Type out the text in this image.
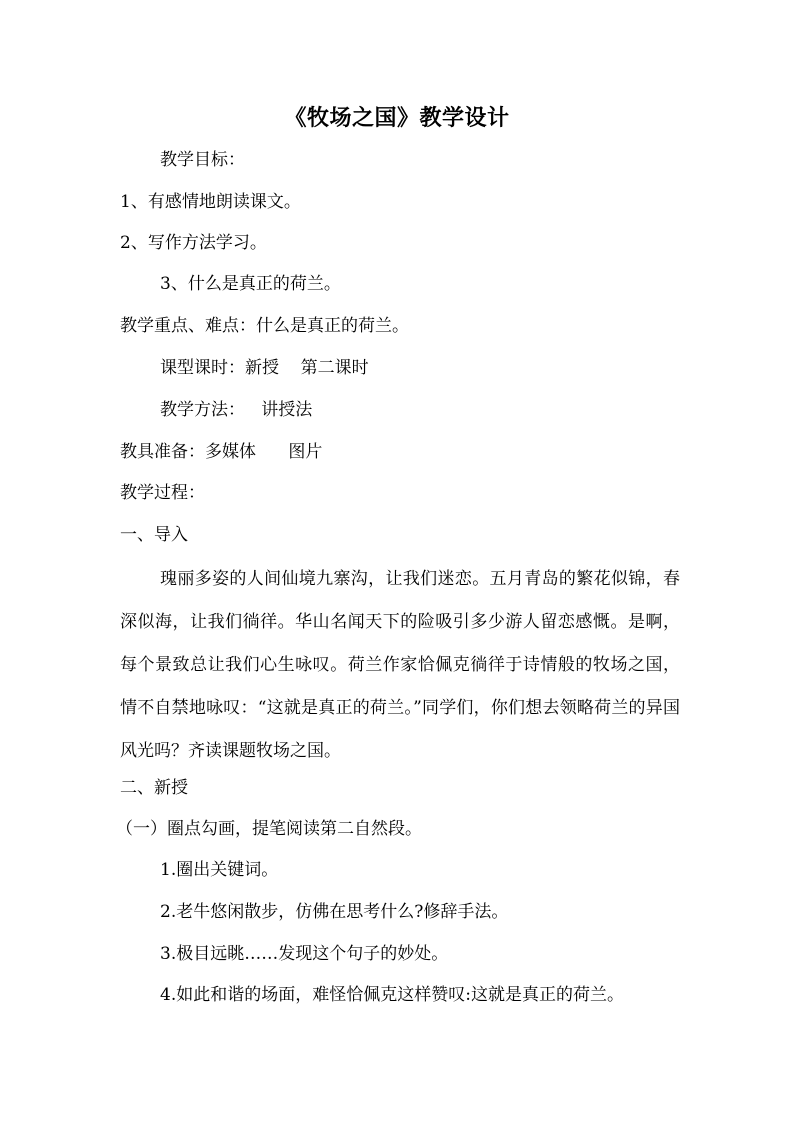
《牧场之国》教学设计
教学目标：
1、有感情地朗读课文。
2、写作方法学习。
3、什么是真正的荷兰。
教学重点、难点：什么是真正的荷兰。
课型课时：新授    第二课时
教学方法：   讲授法
教具准备：多媒体      图片
教学过程：
一、导入

瑰丽多姿的人间仙境九寨沟，让我们迷恋。五月青岛的繁花似锦，春深似海，让我们徜徉。华山名闻天下的险吸引多少游人留恋感慨。是啊，每个景致总让我们心生咏叹。荷兰作家恰佩克徜徉于诗情般的牧场之国，情不自禁地咏叹：“这就是真正的荷兰。”同学们，你们想去领略荷兰的异国风光吗？齐读课题牧场之国。

二、新授
（一）圈点勾画，提笔阅读第二自然段。
1.圈出关键词。
2.老牛悠闲散步，仿佛在思考什么?修辞手法。
3.极目远眺……发现这个句子的妙处。
4.如此和谐的场面，难怪恰佩克这样赞叹:这就是真正的荷兰。
